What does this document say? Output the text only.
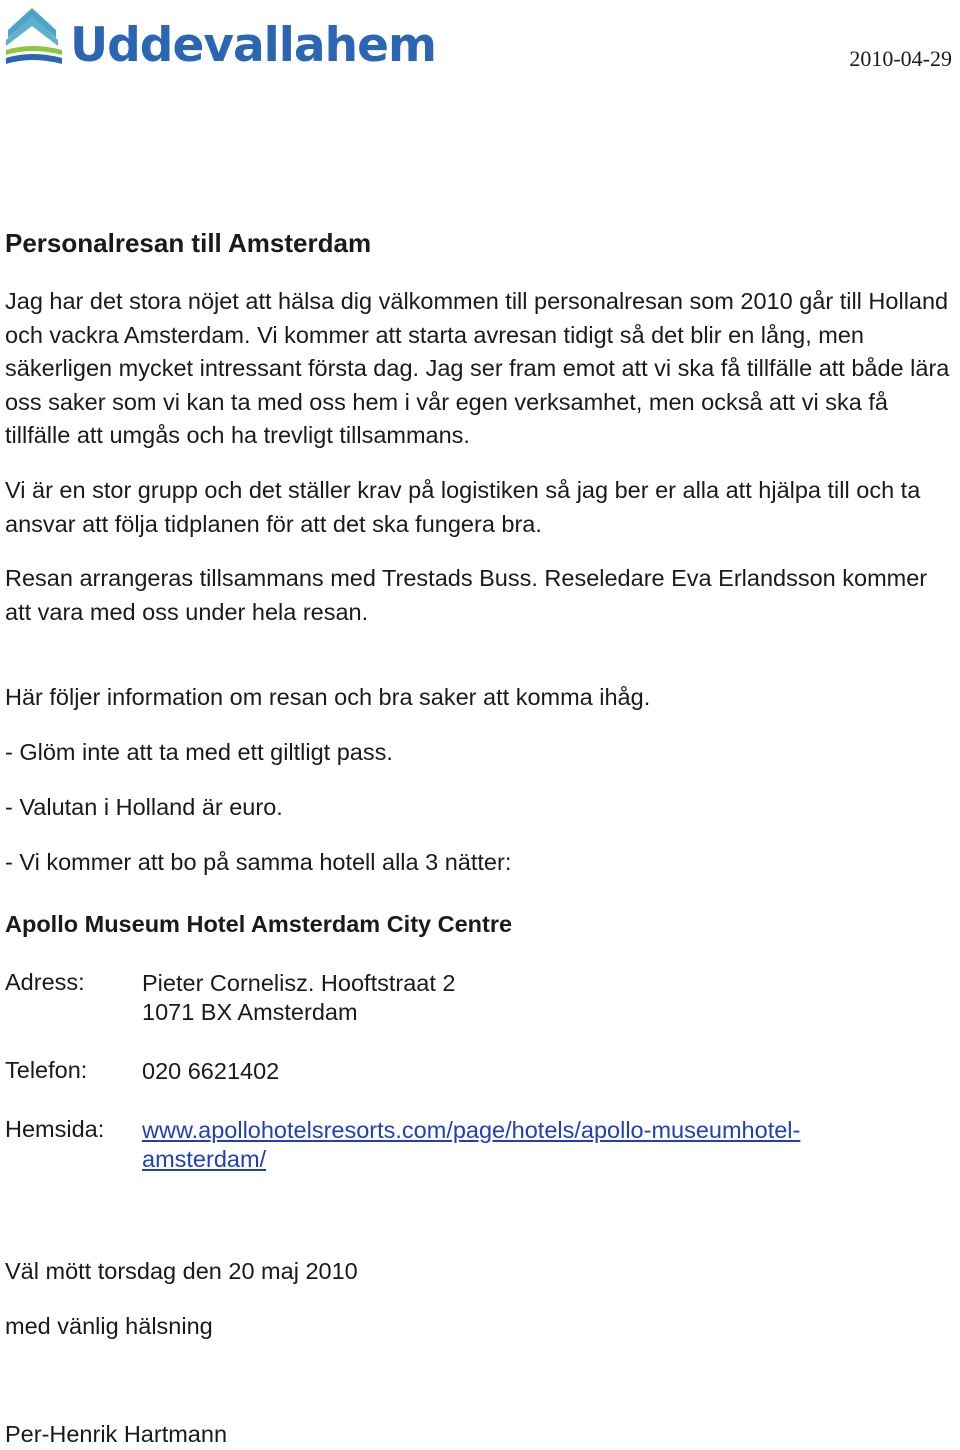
Uddevallahem	2010-04-29
Personalresan till Amsterdam

Jag har det stora nöjet att hälsa dig välkommen till personalresan som 2010 går till Holland och vackra Amsterdam. Vi kommer att starta avresan tidigt så det blir en lång, men säkerligen mycket intressant första dag. Jag ser fram emot att vi ska få tillfälle att både lära oss saker som vi kan ta med oss hem i vår egen verksamhet, men också att vi ska få tillfälle att umgås och ha trevligt tillsammans.

Vi är en stor grupp och det ställer krav på logistiken så jag ber er alla att hjälpa till och ta ansvar att följa tidplanen för att det ska fungera bra.

Resan arrangeras tillsammans med Trestads Buss. Reseledare Eva Erlandsson kommer att vara med oss under hela resan.

Här följer information om resan och bra saker att komma ihåg.

- Glöm inte att ta med ett giltligt pass.

- Valutan i Holland är euro.

- Vi kommer att bo på samma hotell alla 3 nätter:

Apollo Museum Hotel Amsterdam City Centre

Adress: Pieter Cornelisz. Hooftstraat 2
1071 BX Amsterdam

Telefon: 020 6621402

Hemsida: www.apollohotelsresorts.com/page/hotels/apollo-museumhotel-amsterdam/

Väl mött torsdag den 20 maj 2010

med vänlig hälsning

Per-Henrik Hartmann
